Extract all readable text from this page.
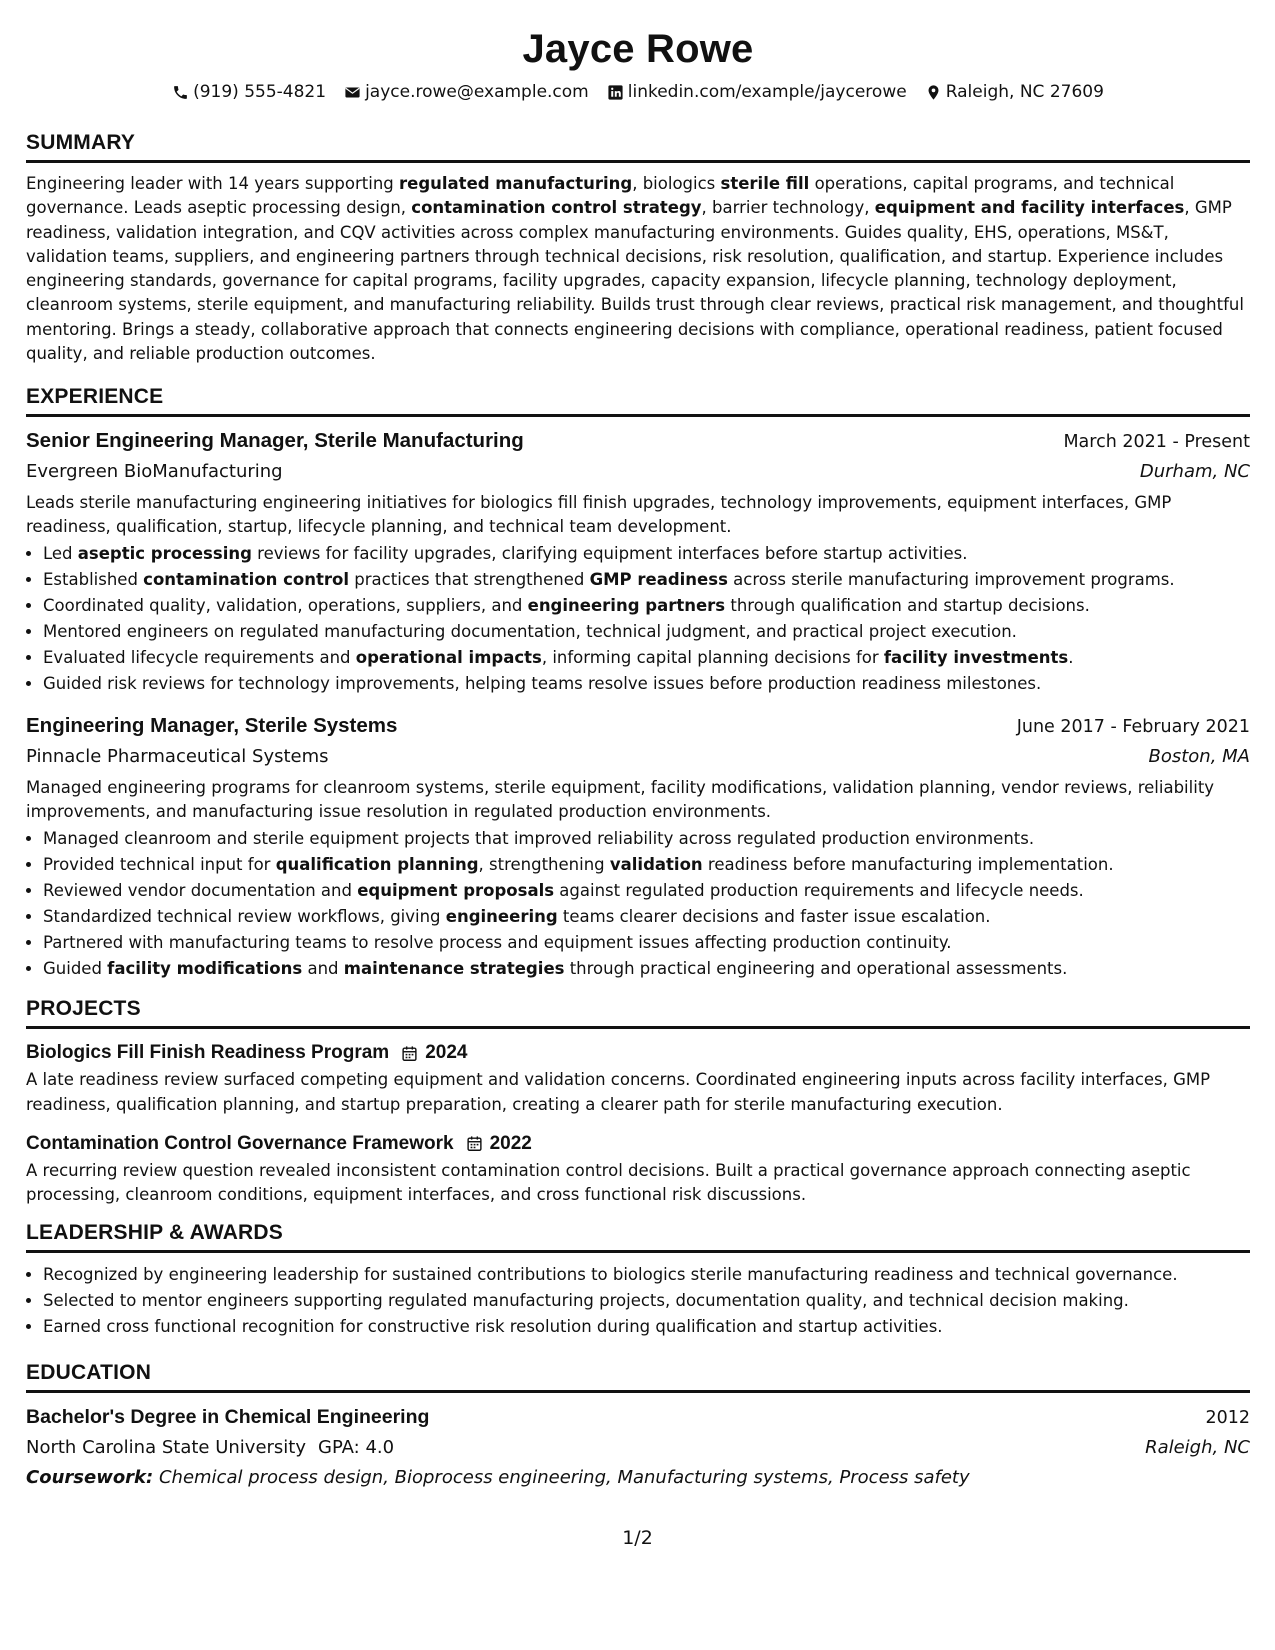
Jayce Rowe
(919) 555-4821 jayce.rowe@example.com linkedin.com/example/jaycerowe Raleigh, NC 27609
SUMMARY

Engineering leader with 14 years supporting regulated manufacturing, biologics sterile fill operations, capital programs, and technical governance. Leads aseptic processing design, contamination control strategy, barrier technology, equipment and facility interfaces, GMP readiness, validation integration, and CQV activities across complex manufacturing environments. Guides quality, EHS, operations, MS&T, validation teams, suppliers, and engineering partners through technical decisions, risk resolution, qualification, and startup. Experience includes engineering standards, governance for capital programs, facility upgrades, capacity expansion, lifecycle planning, technology deployment, cleanroom systems, sterile equipment, and manufacturing reliability. Builds trust through clear reviews, practical risk management, and thoughtful mentoring. Brings a steady, collaborative approach that connects engineering decisions with compliance, operational readiness, patient focused quality, and reliable production outcomes.

EXPERIENCE
Senior Engineering Manager, Sterile Manufacturing	March 2021 - Present
Evergreen BioManufacturing	Durham, NC

Leads sterile manufacturing engineering initiatives for biologics fill finish upgrades, technology improvements, equipment interfaces, GMP readiness, qualification, startup, lifecycle planning, and technical team development.

• Led aseptic processing reviews for facility upgrades, clarifying equipment interfaces before startup activities.
• Established contamination control practices that strengthened GMP readiness across sterile manufacturing improvement programs.
• Coordinated quality, validation, operations, suppliers, and engineering partners through qualification and startup decisions.
• Mentored engineers on regulated manufacturing documentation, technical judgment, and practical project execution.
• Evaluated lifecycle requirements and operational impacts, informing capital planning decisions for facility investments.
• Guided risk reviews for technology improvements, helping teams resolve issues before production readiness milestones.
Engineering Manager, Sterile Systems	June 2017 - February 2021
Pinnacle Pharmaceutical Systems	Boston, MA

Managed engineering programs for cleanroom systems, sterile equipment, facility modifications, validation planning, vendor reviews, reliability improvements, and manufacturing issue resolution in regulated production environments.

• Managed cleanroom and sterile equipment projects that improved reliability across regulated production environments.
• Provided technical input for qualification planning, strengthening validation readiness before manufacturing implementation.
• Reviewed vendor documentation and equipment proposals against regulated production requirements and lifecycle needs.
• Standardized technical review workflows, giving engineering teams clearer decisions and faster issue escalation.
• Partnered with manufacturing teams to resolve process and equipment issues affecting production continuity.
• Guided facility modifications and maintenance strategies through practical engineering and operational assessments.
PROJECTS
Biologics Fill Finish Readiness Program 2024

A late readiness review surfaced competing equipment and validation concerns. Coordinated engineering inputs across facility interfaces, GMP readiness, qualification planning, and startup preparation, creating a clearer path for sterile manufacturing execution.

Contamination Control Governance Framework 2022

A recurring review question revealed inconsistent contamination control decisions. Built a practical governance approach connecting aseptic processing, cleanroom conditions, equipment interfaces, and cross functional risk discussions.

LEADERSHIP & AWARDS
• Recognized by engineering leadership for sustained contributions to biologics sterile manufacturing readiness and technical governance.
• Selected to mentor engineers supporting regulated manufacturing projects, documentation quality, and technical decision making.
• Earned cross functional recognition for constructive risk resolution during qualification and startup activities.
EDUCATION
Bachelor's Degree in Chemical Engineering	2012
North Carolina State University GPA: 4.0	Raleigh, NC
Coursework: Chemical process design, Bioprocess engineering, Manufacturing systems, Process safety
1/2
